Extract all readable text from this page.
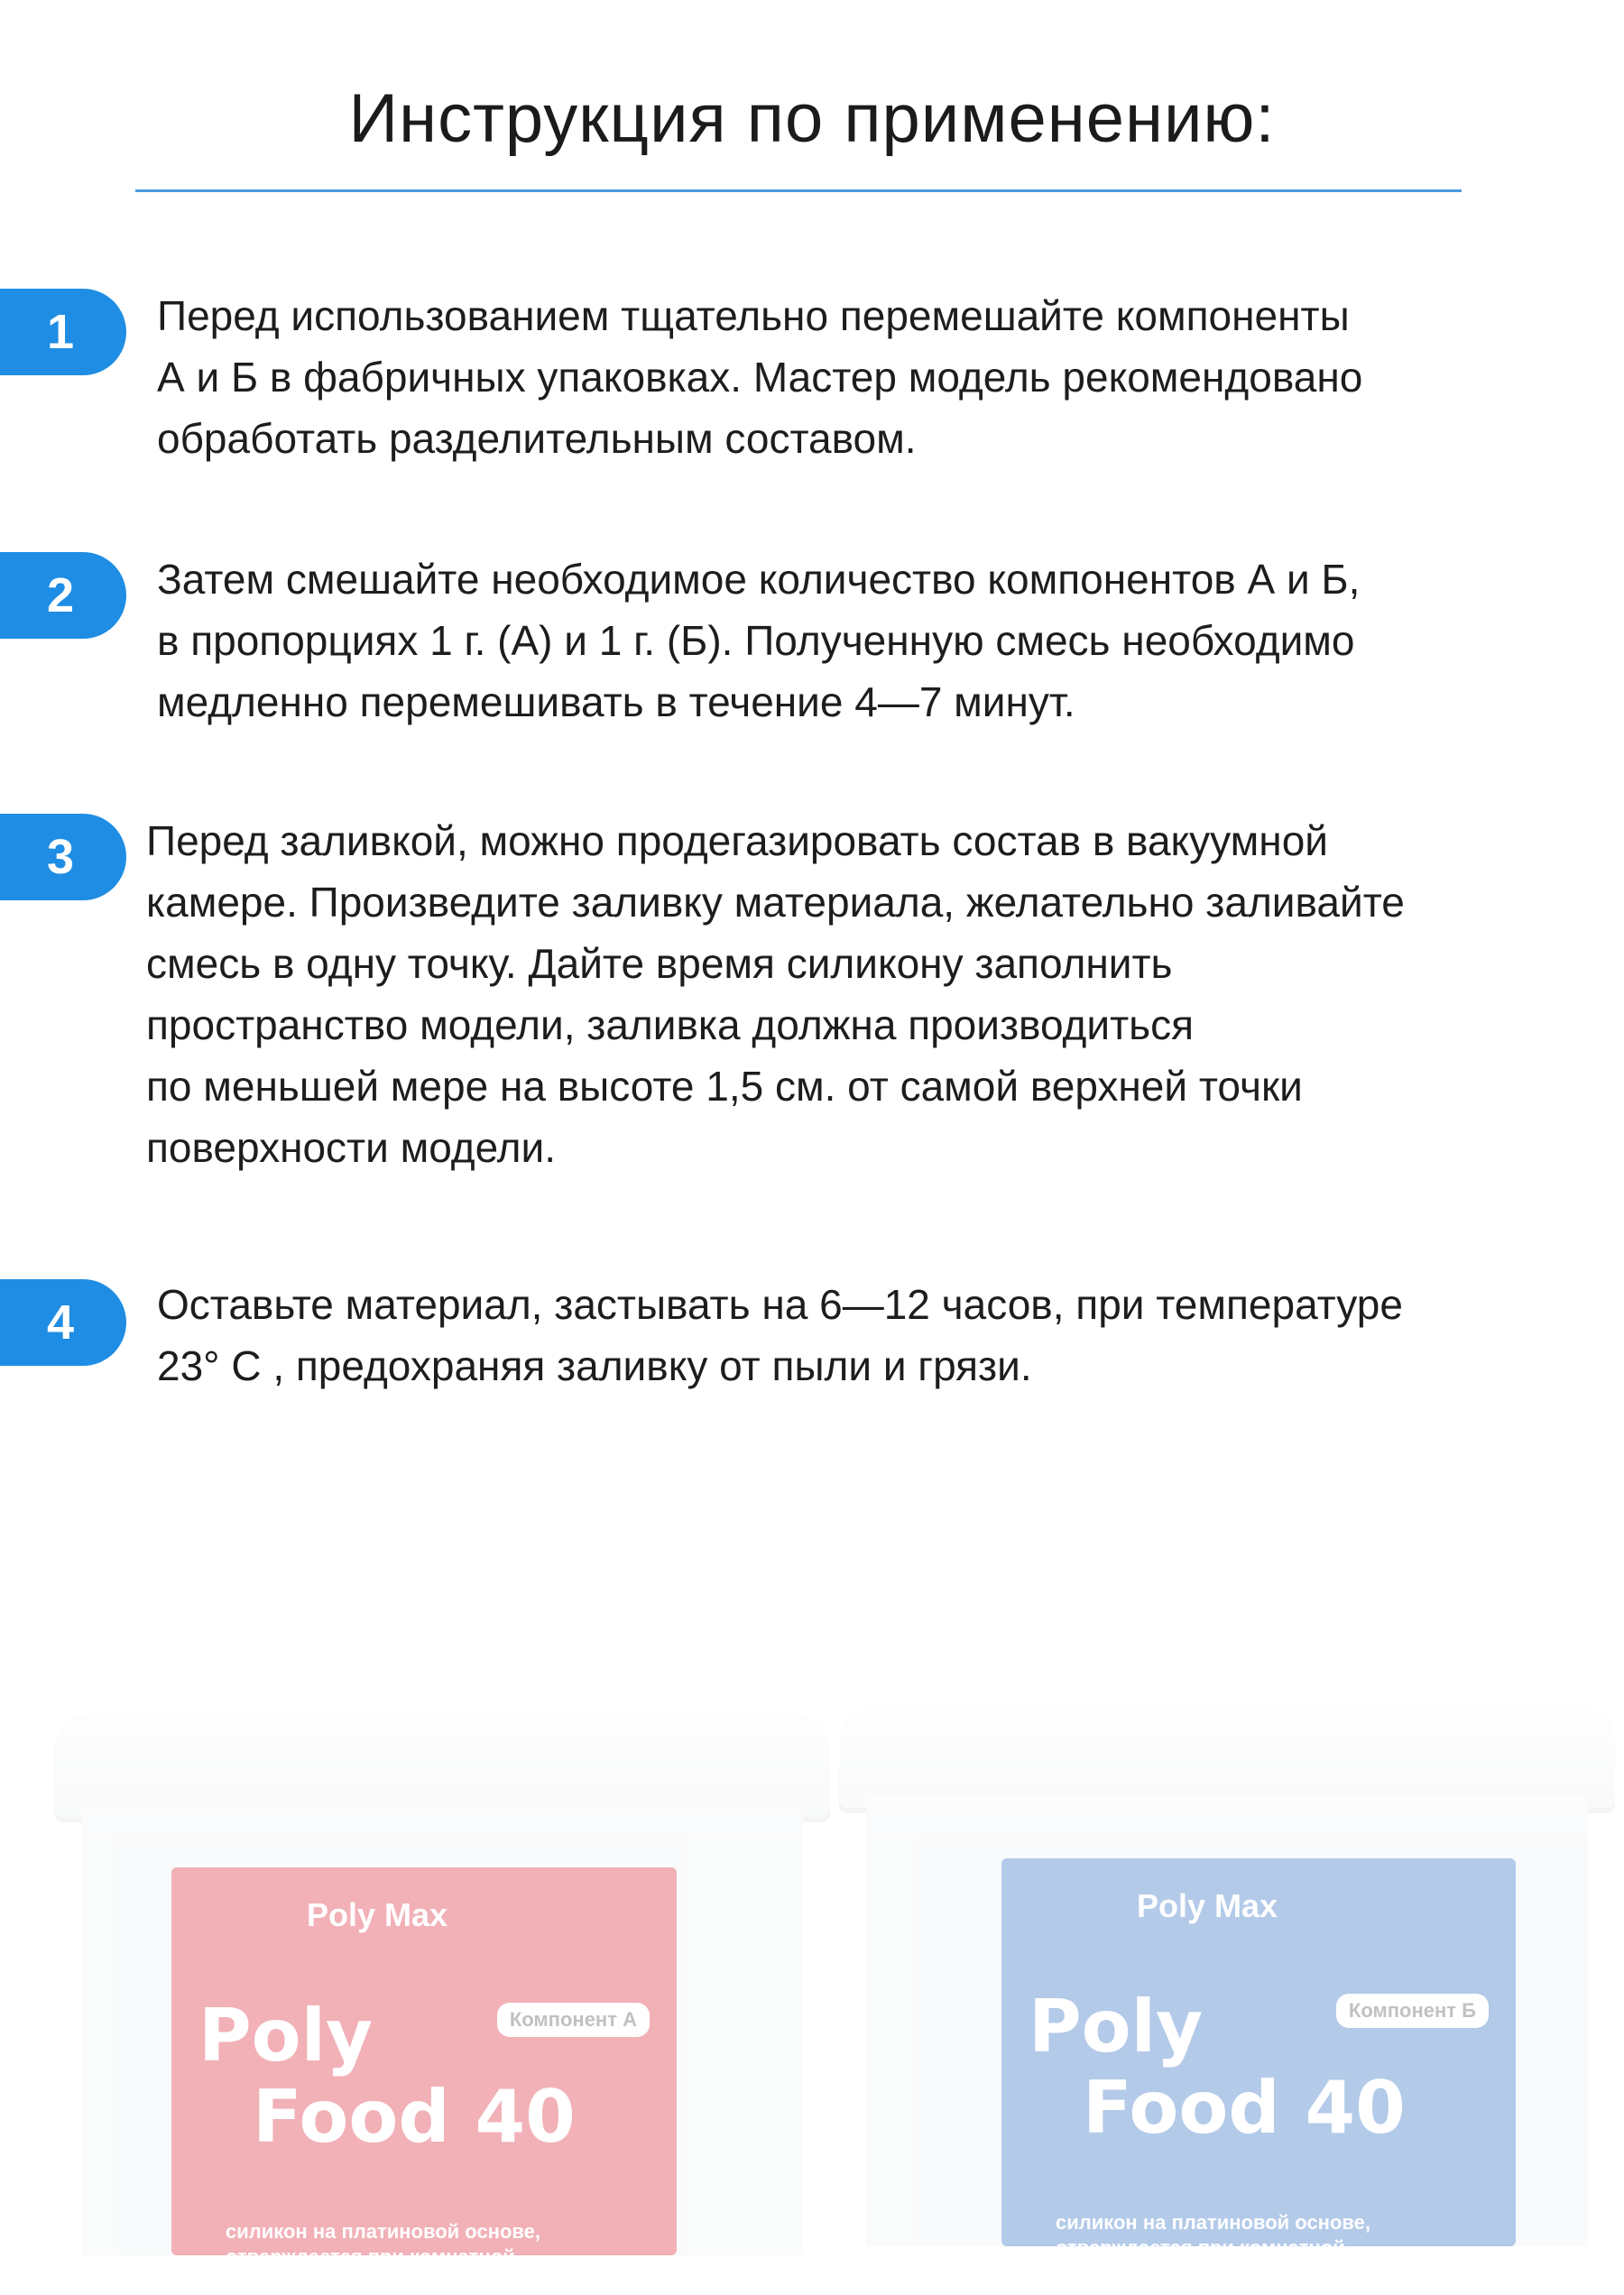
Инструкция по применению:
1	Перед использованием тщательно перемешайте компоненты
А и Б в фабричных упаковках. Мастер модель рекомендовано
обработать разделительным составом.
2	Затем смешайте необходимое количество компонентов А и Б,
в пропорциях 1 г. (А) и 1 г. (Б). Полученную смесь необходимо
медленно перемешивать в течение 4—7 минут.
3	Перед заливкой, можно продегазировать состав в вакуумной
камере. Произведите заливку материала, желательно заливайте
смесь в одну точку. Дайте время силикону заполнить
пространство модели, заливка должна производиться
по меньшей мере на высоте 1,5 см. от самой верхней точки
поверхности модели.
4	Оставьте материал, застывать на 6—12 часов, при температуре
23° С , предохраняя заливку от пыли и грязи.
Poly Max
Poly
Food 40
Компонент А
силикон на платиновой основе, отверждается при комнатной температуре
Poly Max
Poly
Food 40
Компонент Б
силикон на платиновой основе, отверждается при комнатной температуре
